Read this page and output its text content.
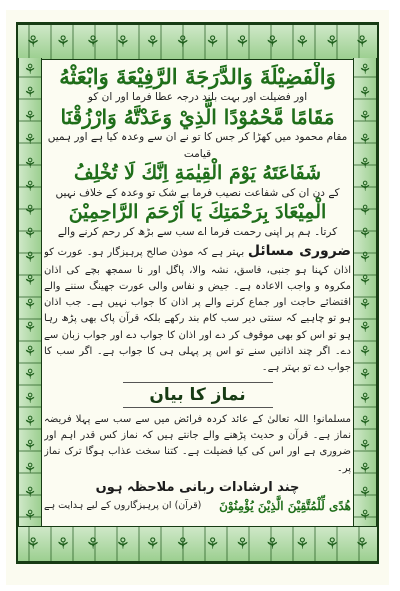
⚘ ⚘ ⚘ ⚘ ⚘ ⚘ ⚘ ⚘ ⚘ ⚘ ⚘ ⚘
⚘
⚘
⚘
⚘
⚘
⚘
⚘
⚘
⚘
⚘
⚘
⚘
⚘
⚘
⚘
⚘
⚘
⚘
⚘
⚘
⚘
⚘
⚘
⚘
⚘
⚘
⚘
⚘
⚘
⚘
⚘
⚘
⚘
⚘
⚘
⚘
⚘
⚘
⚘
⚘
وَالْفَضِيْلَةَ وَالدَّرَجَةَ الرَّفِيْعَةَ وَابْعَثْهُ
اور فضیلت اور بہت بلند درجہ عطا فرما اور ان کو
مَقَامًا مَّحْمُوْدًا الَّذِيْ وَعَدْتَّهُ وَارْزُقْنَا
مقام محمود میں کھڑا کر جس کا تو نے ان سے وعدہ کیا ہے اور ہمیں قیامت
شَفَاعَتَهُ يَوْمَ الْقِيٰمَةِ اِنَّكَ لَا تُخْلِفُ
کے دن ان کی شفاعت نصیب فرما بے شک تو وعدہ کے خلاف نہیں
الْمِيْعَادَ بِرَحْمَتِكَ يَا اَرْحَمَ الرَّاحِمِيْنَ
کرتا۔ ہم پر اپنی رحمت فرما اے سب سے بڑھ کر رحم کرنے والے
ضروری مسائل بہتر ہے کہ موذن صالح پرہیزگار ہو۔ عورت کو اذان کہنا ہو جنبی، فاسق، نشہ والا، پاگل اور نا سمجھ بچے کی اذان مکروہ و واجب الاعادہ ہے۔ جیض و نفاس والی عورت جھینگ سننے والے اقتضائے حاجت اور جماع کرنے والے پر اذان کا جواب نہیں ہے۔ جب اذان ہو تو چاہیے کہ سنتی دیر سب کام بند رکھے بلکہ قرآن پاک بھی پڑھ رہا ہو تو اس کو بھی موقوف کر دے اور اذان کا جواب دے اور جواب زبان سے دے۔ اگر چند اذانیں سنے تو اس پر پہلی ہی کا جواب ہے۔ اگر سب کا جواب دے تو بہتر ہے۔
نماز کا بیان
مسلمانو! اللہ تعالیٰ کے عائد کردہ فرائض میں سے سب سے پہلا فریضہ نماز ہے۔ قرآن و حدیث پڑھنے والے جانتے ہیں کہ نماز کس قدر اہم اور ضروری ہے اور اس کی کیا فضیلت ہے۔ کتنا سخت عذاب ہوگا ترک نماز پر۔
چند ارشادات ربانی ملاحظہ ہوں
ھُدًی لِّلْمُتَّقِیْنَ الَّذِیْنَ یُؤْمِنُوْنَ
(قرآن) ان پرہیزگاروں کے لیے ہدایت ہے
⚘ ⚘ ⚘ ⚘ ⚘ ⚘ ⚘ ⚘ ⚘ ⚘ ⚘ ⚘
